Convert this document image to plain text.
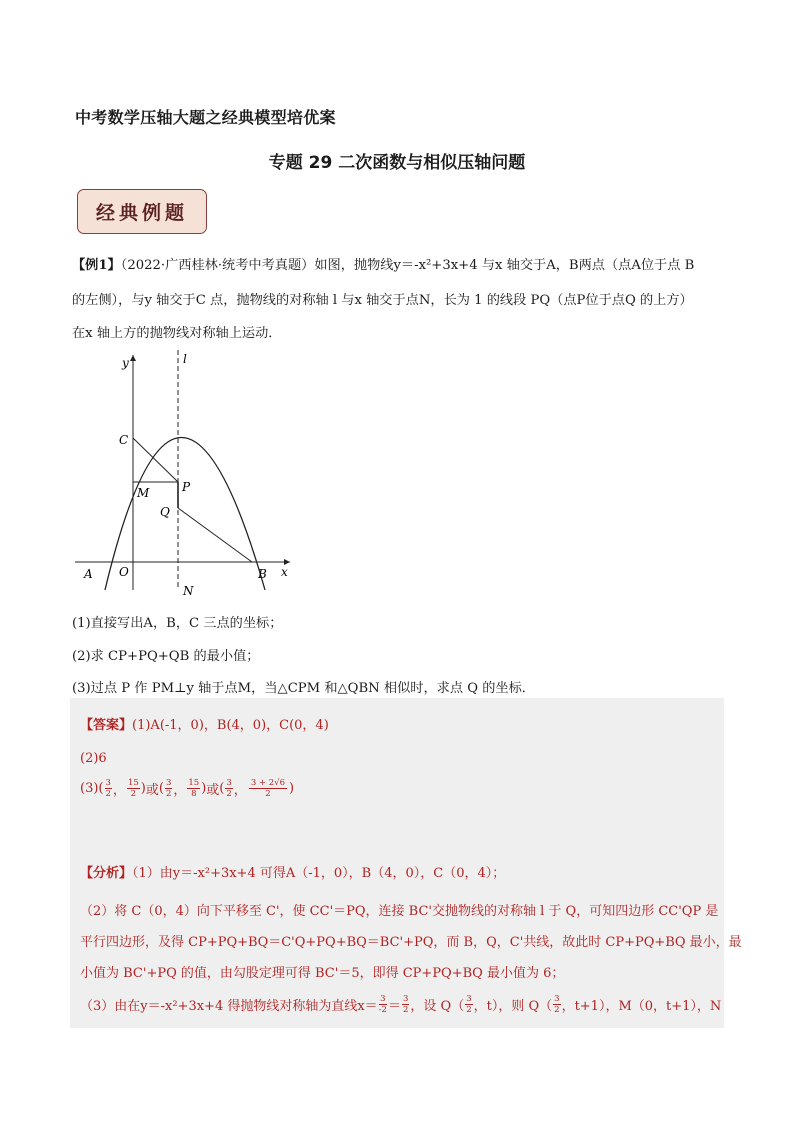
中考数学压轴大题之经典模型培优案
专题 29 二次函数与相似压轴问题
经典例题
【例1】（2022·广西桂林·统考中考真题）如图，抛物线y＝-x²+3x+4 与x 轴交于A，B两点（点A位于点 B
的左侧），与y 轴交于C 点，抛物线的对称轴 l 与x 轴交于点N，长为 1 的线段 PQ（点P位于点Q 的上方）
在x 轴上方的抛物线对称轴上运动．
y	l
C
M	P
Q
A O
N
B x
(1)直接写出A，B，C 三点的坐标；
(2)求 CP+PQ+QB 的最小值；
(3)过点 P 作 PM⊥y 轴于点M，当△CPM 和△QBN 相似时，求点 Q 的坐标．
【答案】(1)A(-1，0)，B(4，0)，C(0，4)
(2)6
(3)( 3
2 ， 15
2 ) 或 ( 3
2 ， 15
8 ) 或 ( 3
2 ， 3 + 2√6
2 )
【分析】（1）由y＝-x²+3x+4 可得A（-1，0），B（4，0），C（0，4）；
（2）将 C（0，4）向下平移至 C'，使 CC'＝PQ，连接 BC'交抛物线的对称轴 l 于 Q，可知四边形 CC'QP 是
平行四边形，及得 CP+PQ+BQ＝C'Q+PQ+BQ＝BC'+PQ，而 B，Q，C'共线，故此时 CP+PQ+BQ 最小，最
小值为 BC'+PQ 的值，由勾股定理可得 BC'＝5，即得 CP+PQ+BQ 最小值为 6；
（3）由在y＝-x²+3x+4 得抛物线对称轴为直线x＝ 3
-2 ＝ 3
2 ，设 Q（ 3
2 ，t），则 Q（ 3
2 ，t+1），M（0，t+1），N
